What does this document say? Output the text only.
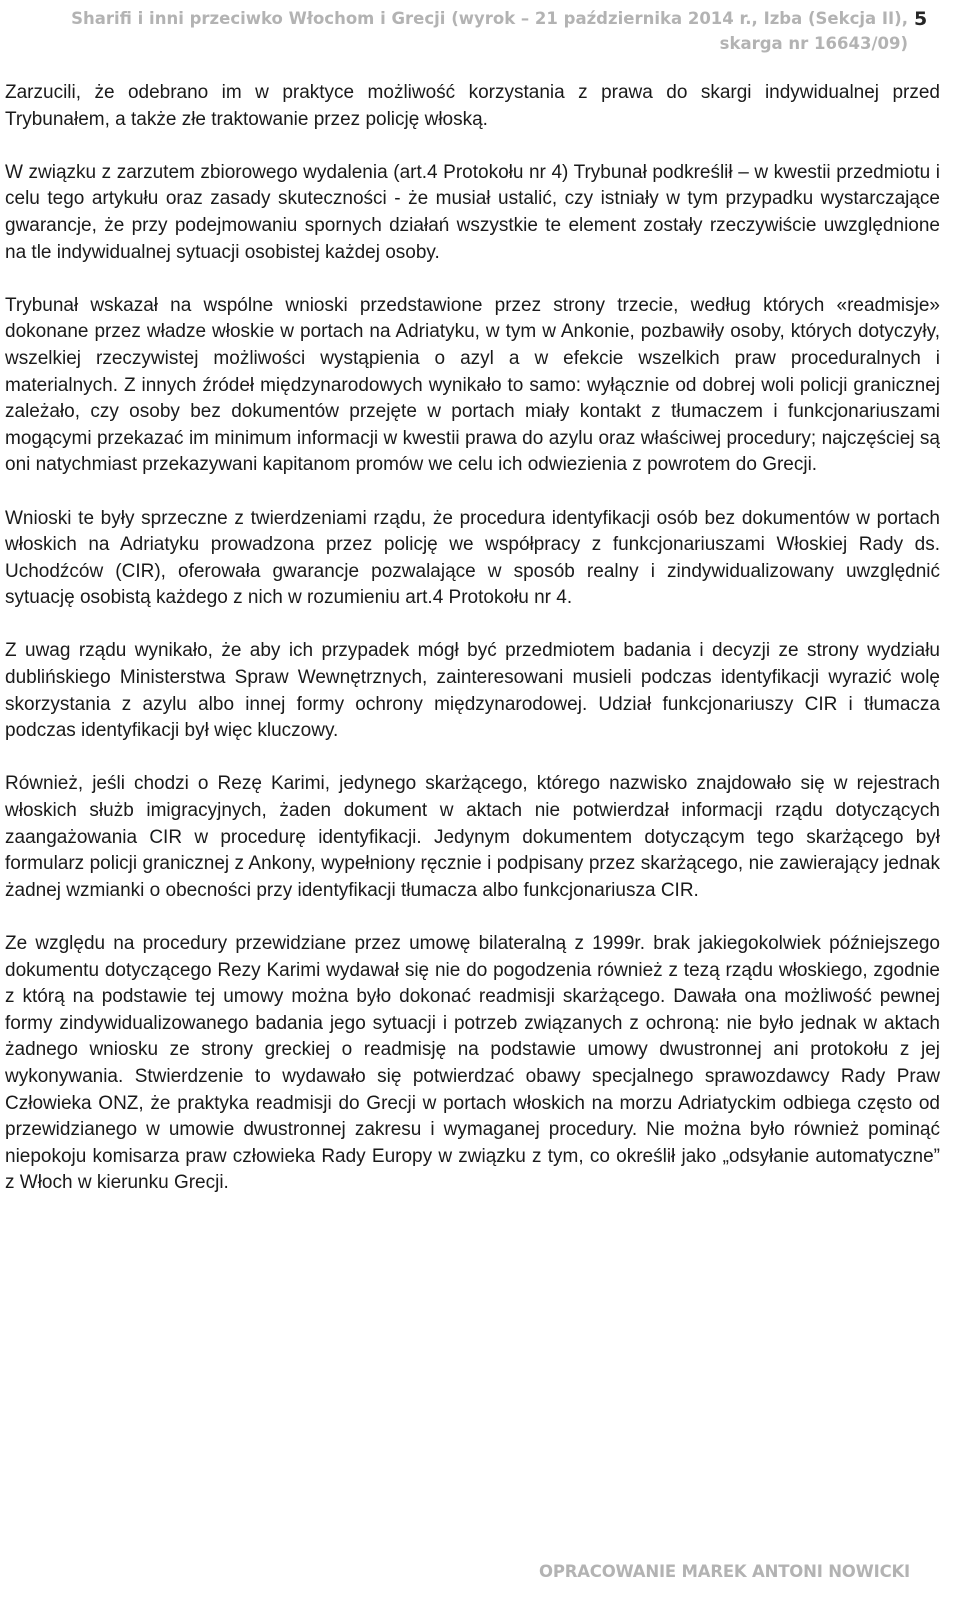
Sharifi i inni przeciwko Włochom i Grecji (wyrok – 21 października 2014 r., Izba (Sekcja II),
skarga nr 16643/09)
5

Zarzucili, że odebrano im w praktyce możliwość korzystania z prawa do skargi indywidualnej przed Trybunałem, a także złe traktowanie przez policję włoską.

W związku z zarzutem zbiorowego wydalenia (art.4 Protokołu nr 4) Trybunał podkreślił – w kwestii przedmiotu i celu tego artykułu oraz zasady skuteczności - że musiał ustalić, czy istniały w tym przypadku wystarczające gwarancje, że przy podejmowaniu spornych działań wszystkie te element zostały rzeczywiście uwzględnione na tle indywidualnej sytuacji osobistej każdej osoby.

Trybunał wskazał na wspólne wnioski przedstawione przez strony trzecie, według których «readmisje» dokonane przez władze włoskie w portach na Adriatyku, w tym w Ankonie, pozbawiły osoby, których dotyczyły, wszelkiej rzeczywistej możliwości wystąpienia o azyl a w efekcie wszelkich praw proceduralnych i materialnych. Z innych źródeł międzynarodowych wynikało to samo: wyłącznie od dobrej woli policji granicznej zależało, czy osoby bez dokumentów przejęte w portach miały kontakt z tłumaczem i funkcjonariuszami mogącymi przekazać im minimum informacji w kwestii prawa do azylu oraz właściwej procedury; najczęściej są oni natychmiast przekazywani kapitanom promów we celu ich odwiezienia z powrotem do Grecji.

Wnioski te były sprzeczne z twierdzeniami rządu, że procedura identyfikacji osób bez dokumentów w portach włoskich na Adriatyku prowadzona przez policję we współpracy z funkcjonariuszami Włoskiej Rady ds. Uchodźców (CIR), oferowała gwarancje pozwalające w sposób realny i zindywidualizowany uwzględnić sytuację osobistą każdego z nich w rozumieniu art.4 Protokołu nr 4.

Z uwag rządu wynikało, że aby ich przypadek mógł być przedmiotem badania i decyzji ze strony wydziału dublińskiego Ministerstwa Spraw Wewnętrznych, zainteresowani musieli podczas identyfikacji wyrazić wolę skorzystania z azylu albo innej formy ochrony międzynarodowej. Udział funkcjonariuszy CIR i tłumacza podczas identyfikacji był więc kluczowy.

Również, jeśli chodzi o Rezę Karimi, jedynego skarżącego, którego nazwisko znajdowało się w rejestrach włoskich służb imigracyjnych, żaden dokument w aktach nie potwierdzał informacji rządu dotyczących zaangażowania CIR w procedurę identyfikacji. Jedynym dokumentem dotyczącym tego skarżącego był formularz policji granicznej z Ankony, wypełniony ręcznie i podpisany przez skarżącego, nie zawierający jednak żadnej wzmianki o obecności przy identyfikacji tłumacza albo funkcjonariusza CIR.

Ze względu na procedury przewidziane przez umowę bilateralną z 1999r. brak jakiegokolwiek późniejszego dokumentu dotyczącego Rezy Karimi wydawał się nie do pogodzenia również z tezą rządu włoskiego, zgodnie z którą na podstawie tej umowy można było dokonać readmisji skarżącego. Dawała ona możliwość pewnej formy zindywidualizowanego badania jego sytuacji i potrzeb związanych z ochroną: nie było jednak w aktach żadnego wniosku ze strony greckiej o readmisję na podstawie umowy dwustronnej ani protokołu z jej wykonywania. Stwierdzenie to wydawało się potwierdzać obawy specjalnego sprawozdawcy Rady Praw Człowieka ONZ, że praktyka readmisji do Grecji w portach włoskich na morzu Adriatyckim odbiega często od przewidzianego w umowie dwustronnej zakresu i wymaganej procedury. Nie można było również pominąć niepokoju komisarza praw człowieka Rady Europy w związku z tym, co określił jako „odsyłanie automatyczne” z Włoch w kierunku Grecji.

OPRACOWANIE MAREK ANTONI NOWICKI
